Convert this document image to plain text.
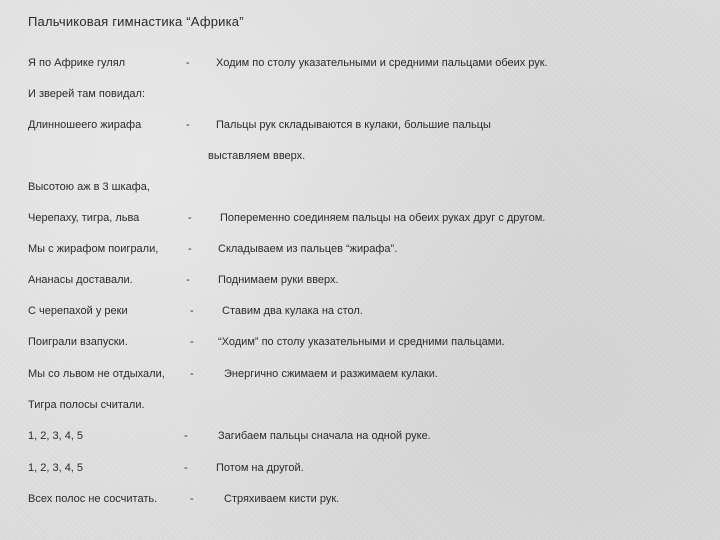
Пальчиковая гимнастика “Африка”
Я по Африке гулял	- Ходим по столу указательными и средними пальцами обеих рук.
И зверей там повидал:
Длинношеего жирафа	- Пальцы рук складываются в кулаки, большие пальцы
выставляем вверх.
Высотою аж в 3 шкафа,
Черепаху, тигра, льва	-	Попеременно соединяем пальцы на обеих руках друг с другом.
Мы с жирафом поиграли,	- Складываем из пальцев “жирафа”.
Ананасы доставали.	-	Поднимаем руки вверх.
С черепахой у реки	-	Ставим два кулака на стол.
Поиграли взапуски.	- “Ходим” по столу указательными и средними пальцами.
Мы со львом не отдыхали, -	Энергично сжимаем и разжимаем кулаки.
Тигра полосы считали.
1, 2, 3, 4, 5	-	Загибаем пальцы сначала на одной руке.
1, 2, 3, 4, 5	-	Потом на другой.
Всех полос не сосчитать.	-	Стряхиваем кисти рук.
